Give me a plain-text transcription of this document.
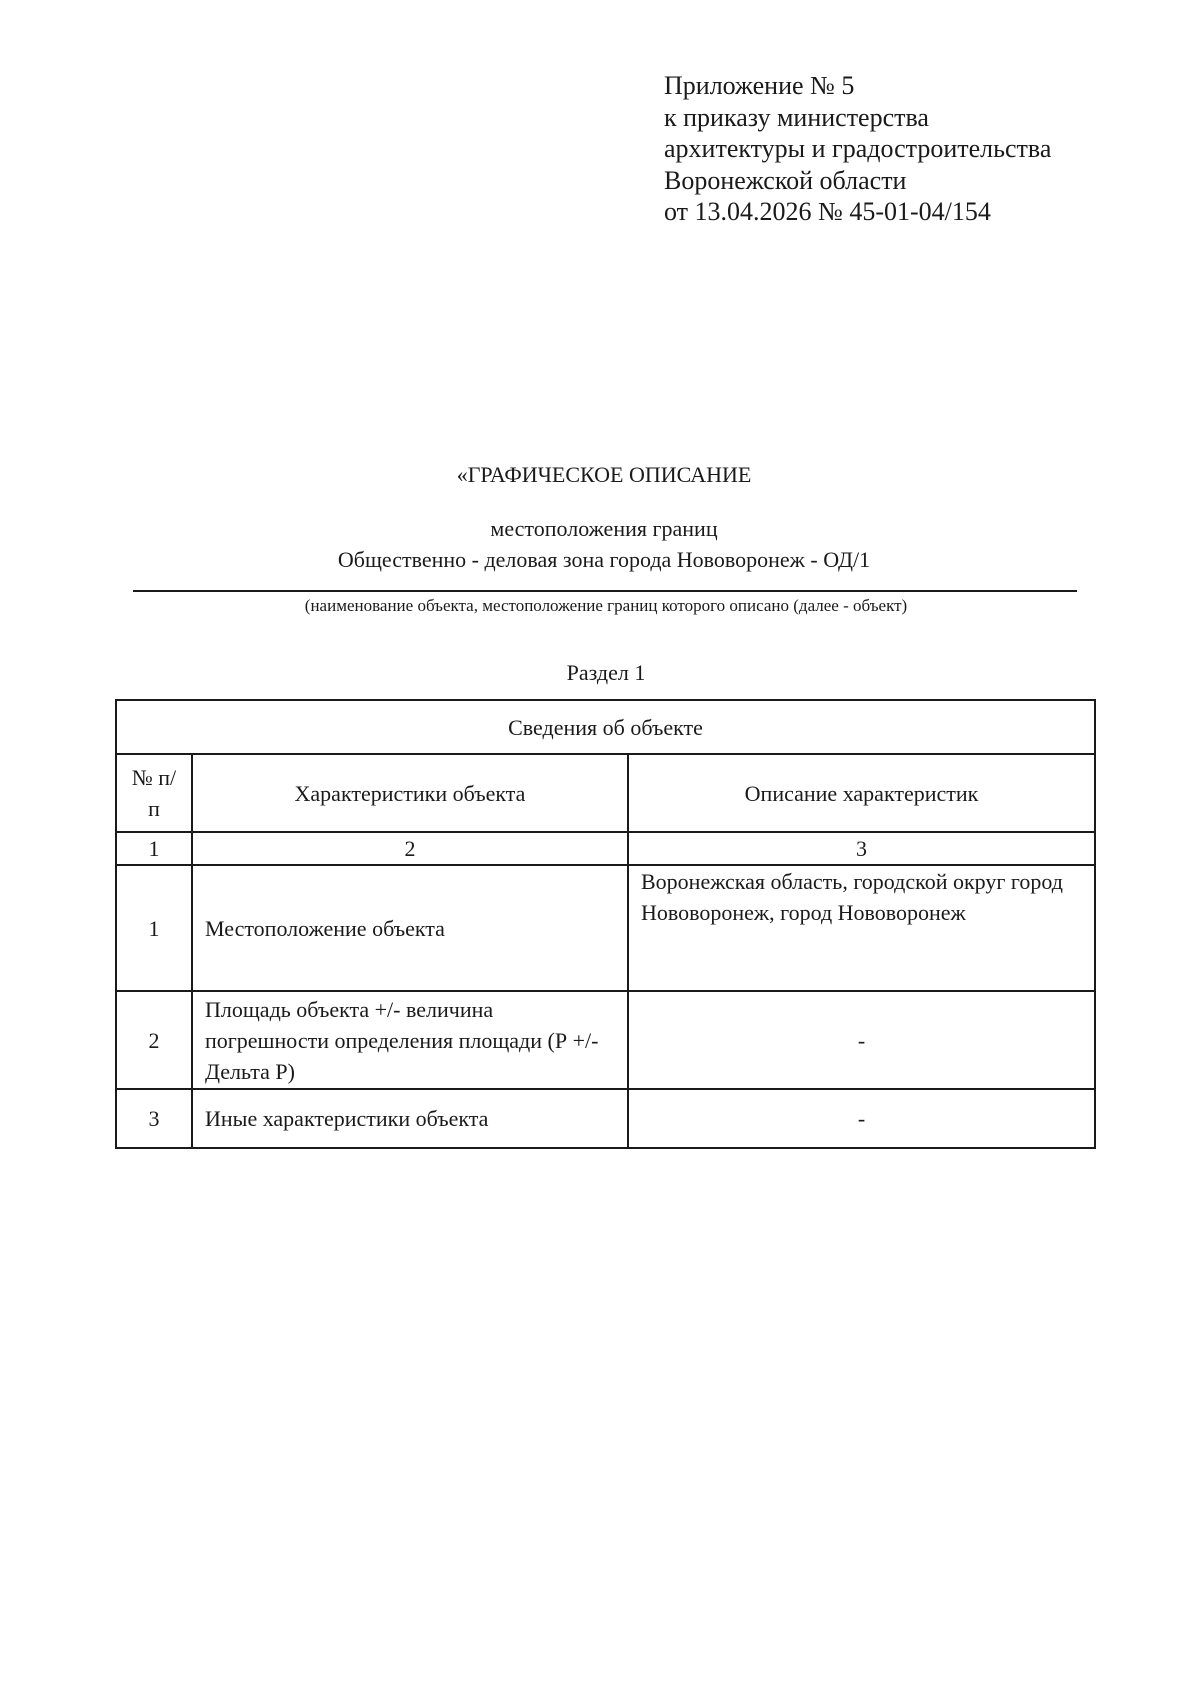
Приложение № 5
к приказу министерства
архитектуры и градостроительства
Воронежской области
от 13.04.2026 № 45-01-04/154
«ГРАФИЧЕСКОЕ ОПИСАНИЕ
местоположения границ
Общественно - деловая зона города Нововоронеж - ОД/1
(наименование объекта, местоположение границ которого описано (далее - объект)
Раздел 1
Сведения об объекте		
№ п/п	Характеристики объекта	Описание характеристик
1	2	3
1	Местоположение объекта	Воронежская область, городской округ город Нововоронеж, город Нововоронеж
2	Площадь объекта +/- величина погрешности определения площади (Р +/- Дельта Р)	-
3	Иные характеристики объекта	-
